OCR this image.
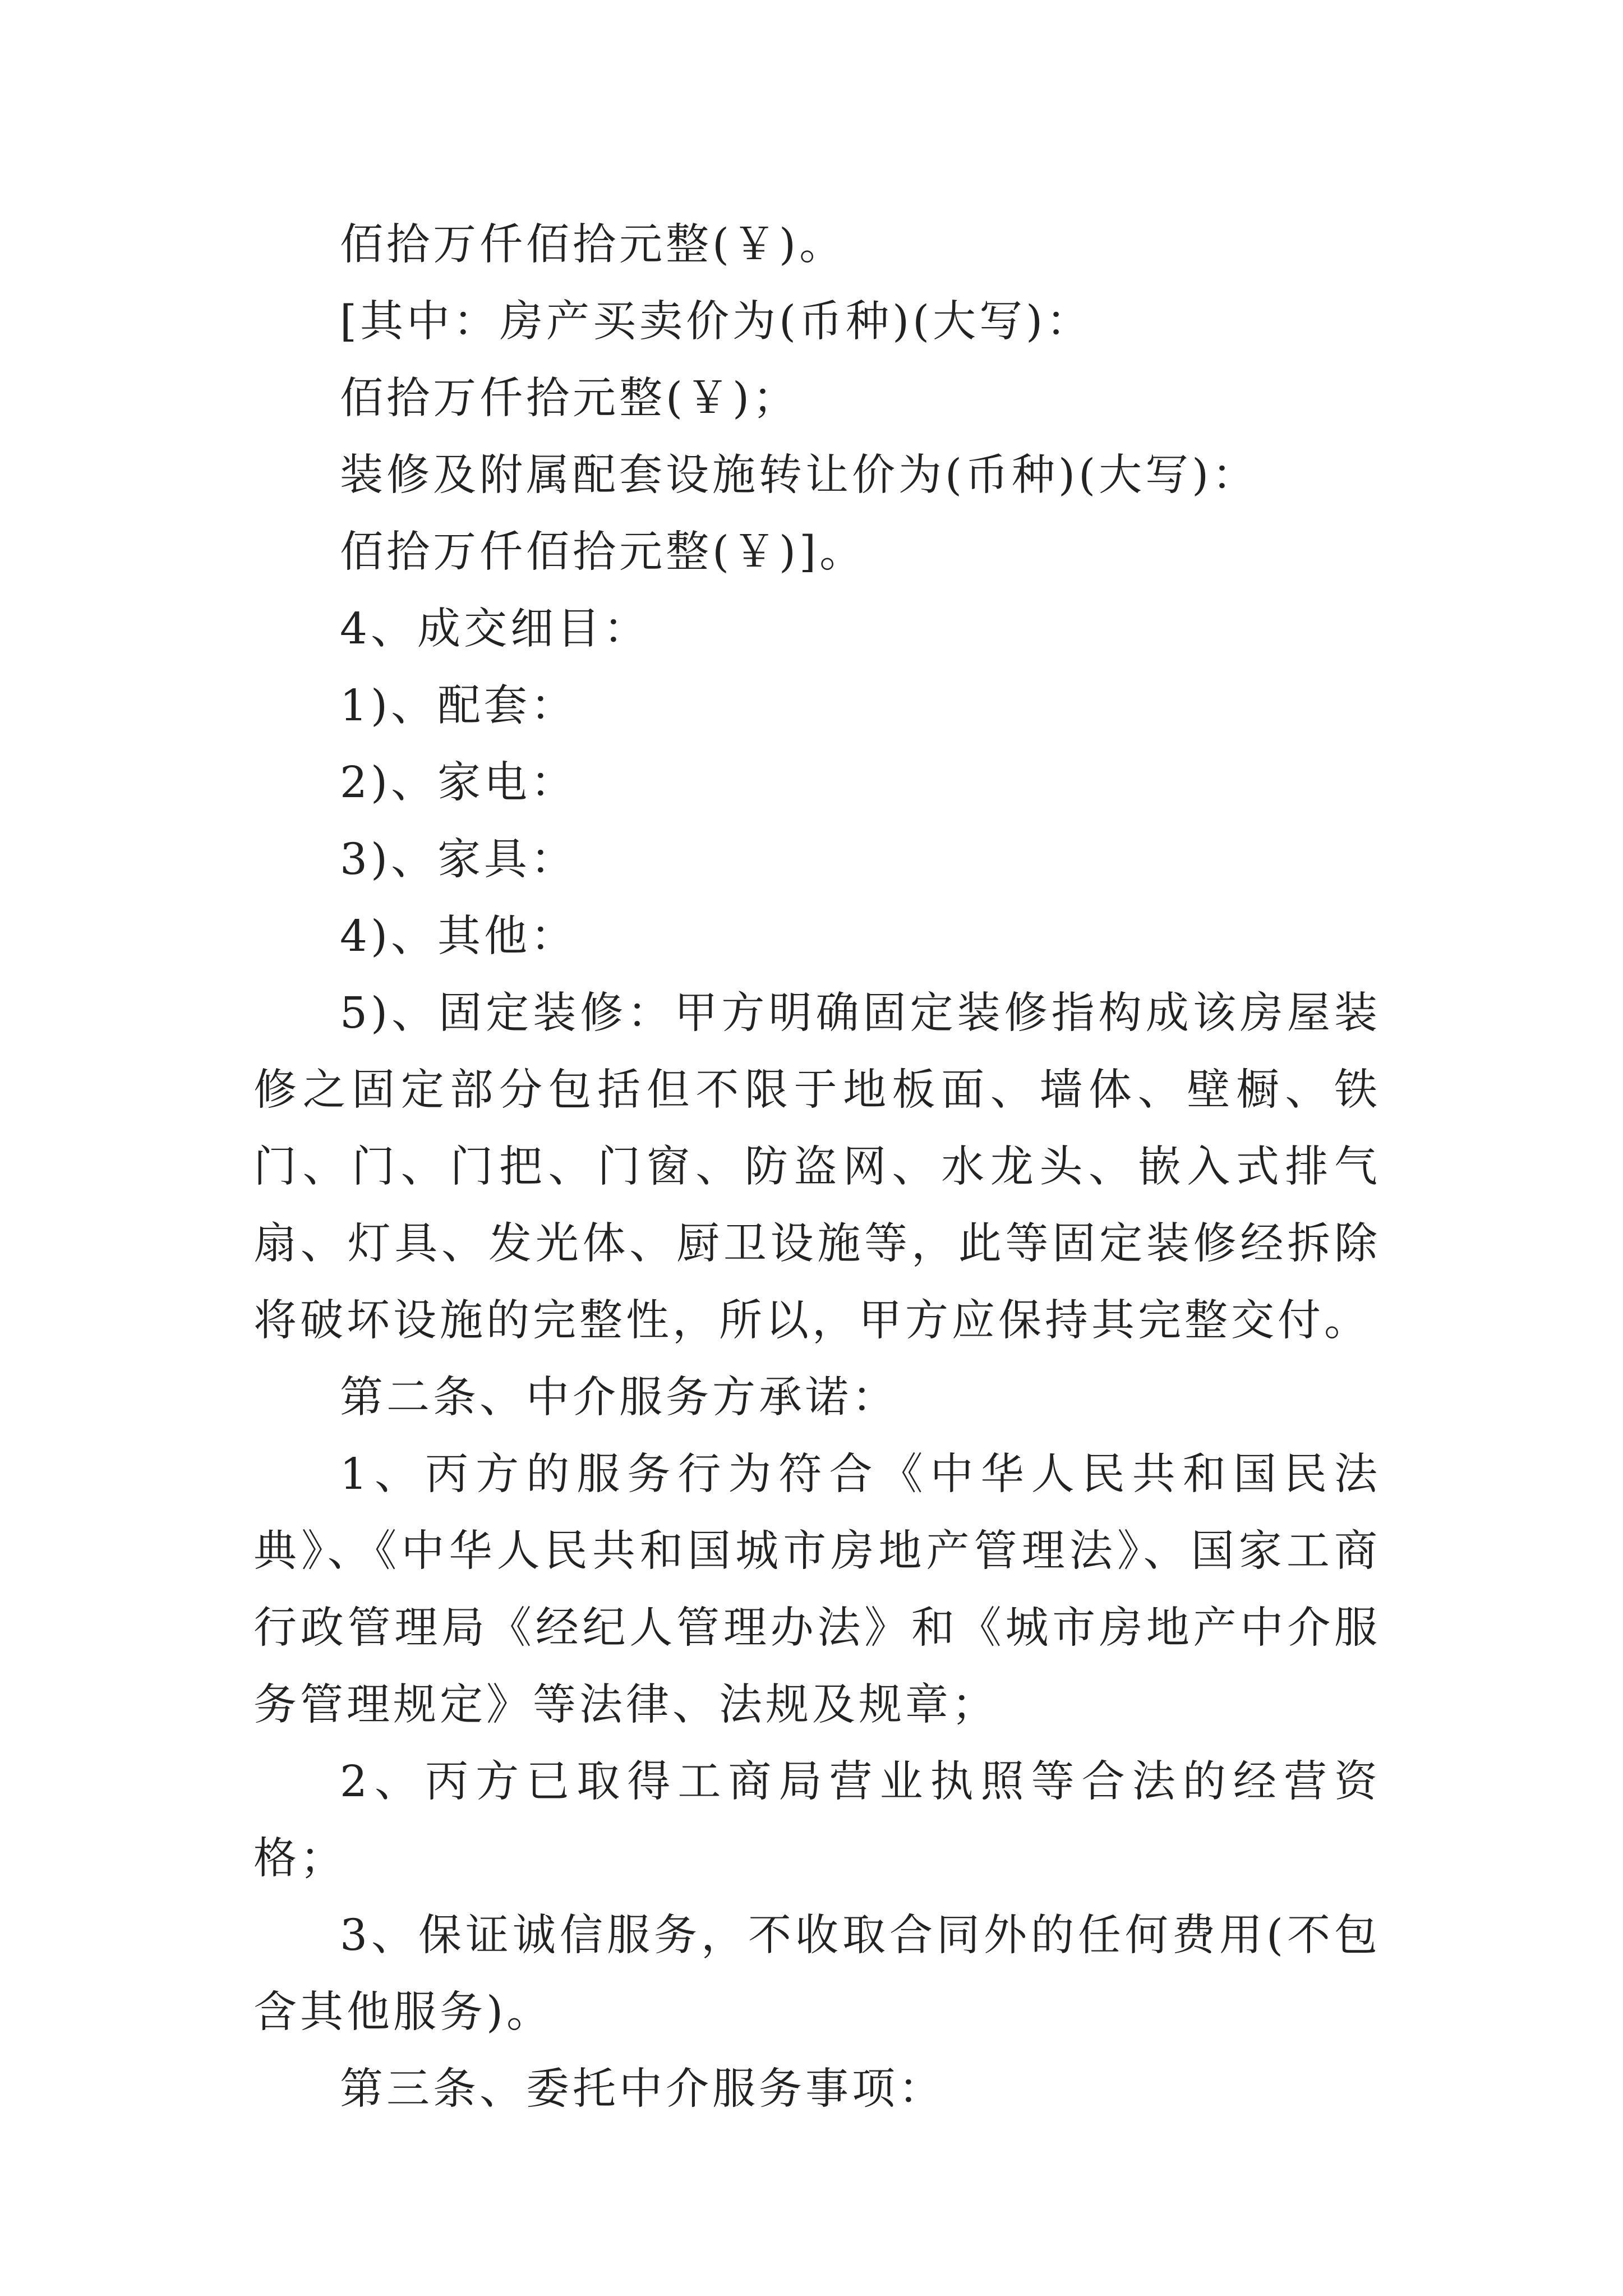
佰拾万仟佰拾元整(￥)。

[其中：房产买卖价为(币种)(大写)：

佰拾万仟拾元整(￥)；

装修及附属配套设施转让价为(币种)(大写)：

佰拾万仟佰拾元整(￥)]。

4、成交细目：

1)、配套：

2)、家电：

3)、家具：

4)、其他：

5)、固定装修：甲方明确固定装修指构成该房屋装修之固定部分包括但不限于地板面、墙体、壁橱、铁门、门、门把、门窗、防盗网、水龙头、嵌入式排气扇、灯具、发光体、厨卫设施等，此等固定装修经拆除将破坏设施的完整性，所以，甲方应保持其完整交付。

第二条、中介服务方承诺：

1、丙方的服务行为符合《中华人民共和国民法典》、《中华人民共和国城市房地产管理法》、国家工商行政管理局《经纪人管理办法》和《城市房地产中介服务管理规定》等法律、法规及规章；

2、丙方已取得工商局营业执照等合法的经营资格；

3、保证诚信服务，不收取合同外的任何费用(不包含其他服务)。

第三条、委托中介服务事项：
